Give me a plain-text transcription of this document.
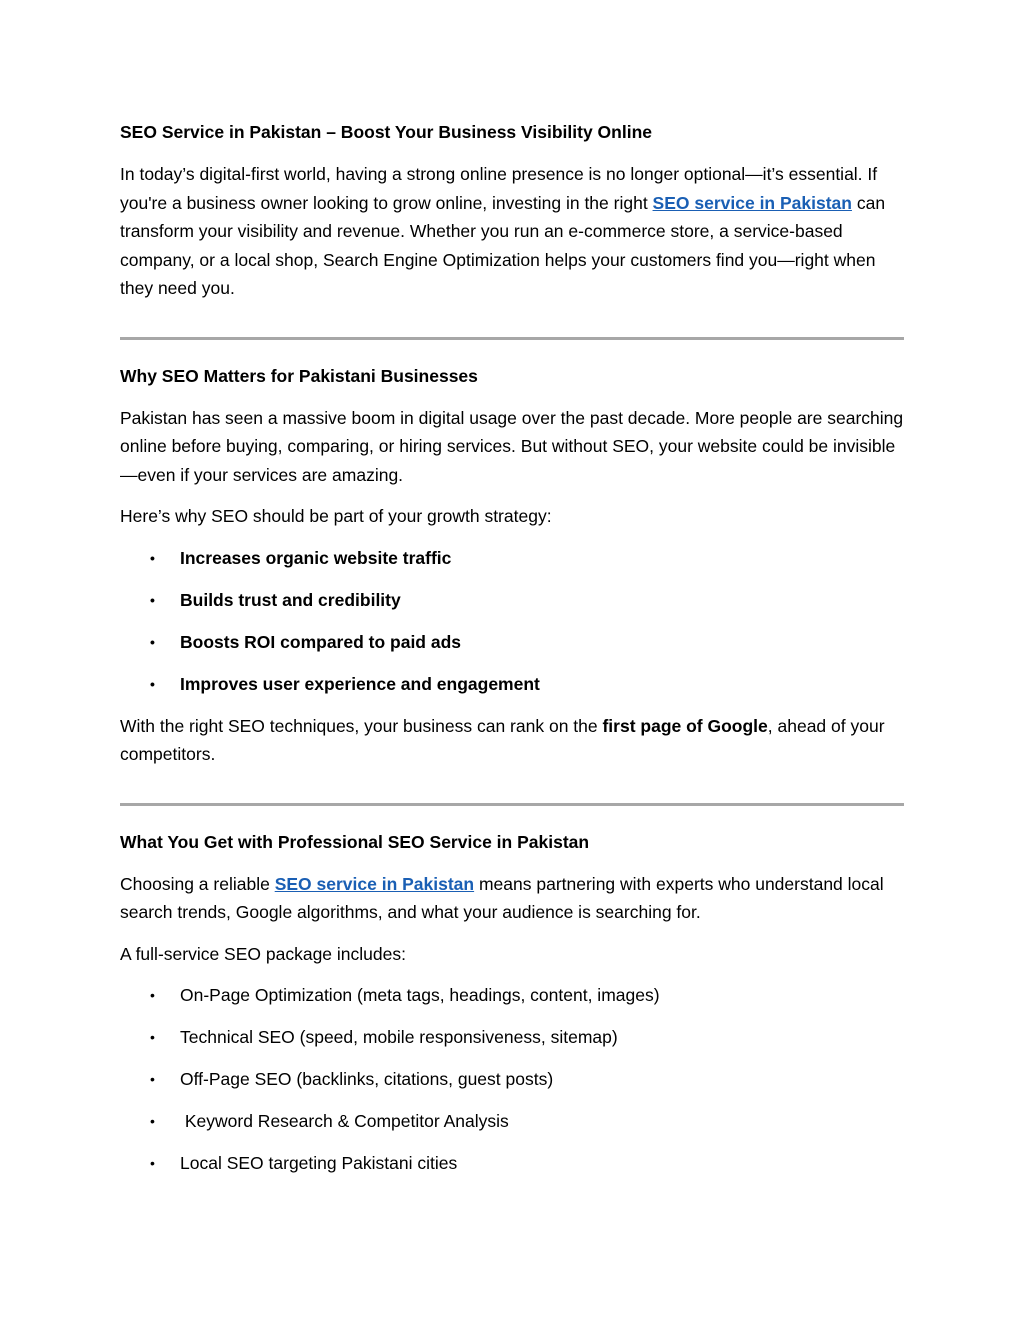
SEO Service in Pakistan – Boost Your Business Visibility Online

In today’s digital-first world, having a strong online presence is no longer optional—it’s essential. If you're a business owner looking to grow online, investing in the right SEO service in Pakistan can transform your visibility and revenue. Whether you run an e-commerce store, a service-based company, or a local shop, Search Engine Optimization helps your customers find you—right when they need you.

Why SEO Matters for Pakistani Businesses

Pakistan has seen a massive boom in digital usage over the past decade. More people are searching online before buying, comparing, or hiring services. But without SEO, your website could be invisible—even if your services are amazing.

Here’s why SEO should be part of your growth strategy:

• Increases organic website traffic
• Builds trust and credibility
• Boosts ROI compared to paid ads
• Improves user experience and engagement

With the right SEO techniques, your business can rank on the first page of Google, ahead of your competitors.

What You Get with Professional SEO Service in Pakistan

Choosing a reliable SEO service in Pakistan means partnering with experts who understand local search trends, Google algorithms, and what your audience is searching for.

A full-service SEO package includes:

• On-Page Optimization (meta tags, headings, content, images)
• Technical SEO (speed, mobile responsiveness, sitemap)
• Off-Page SEO (backlinks, citations, guest posts)
• Keyword Research & Competitor Analysis
• Local SEO targeting Pakistani cities
